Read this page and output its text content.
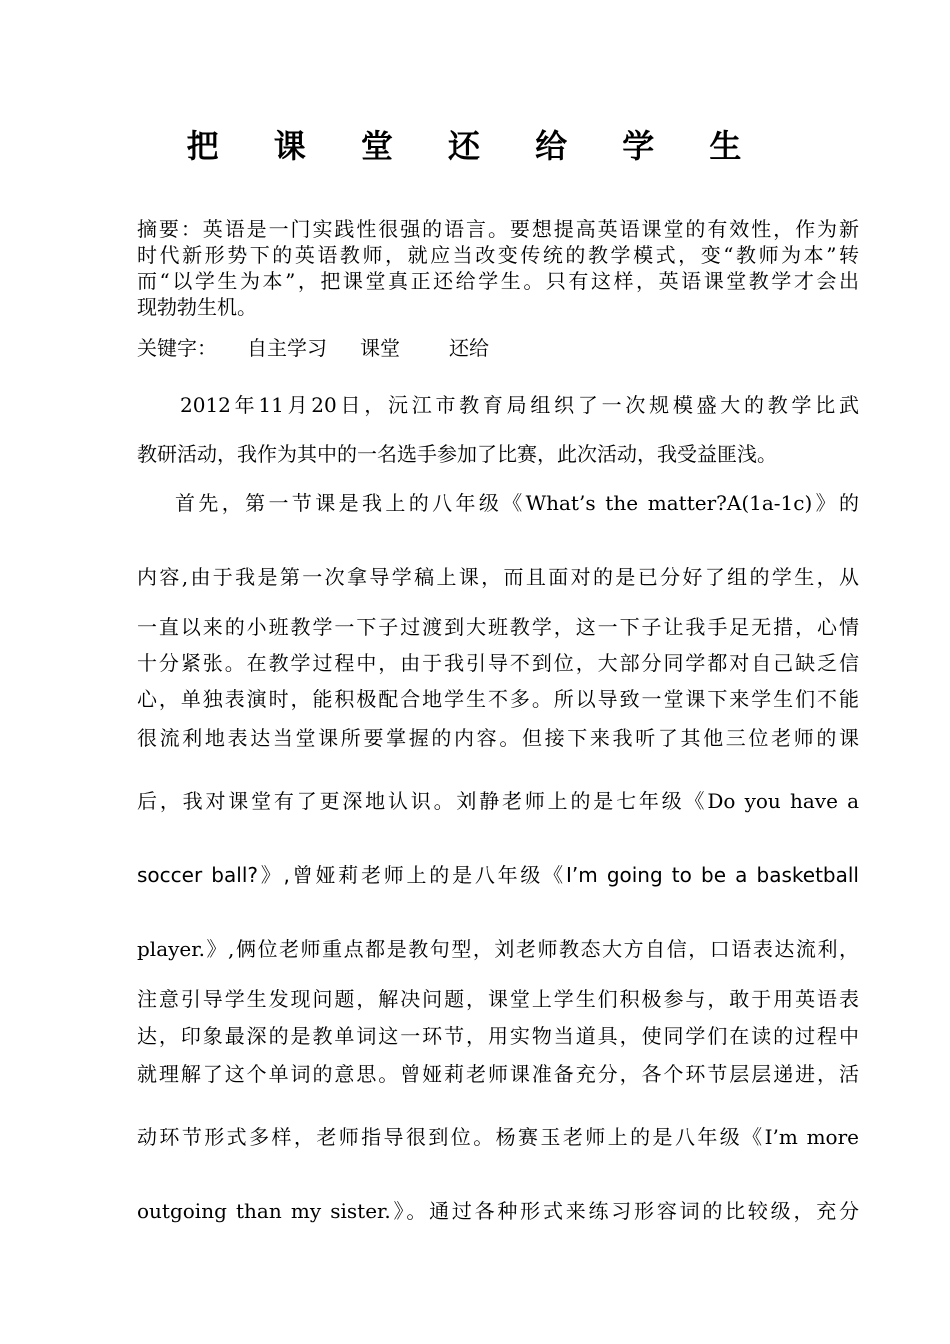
把 课 堂 还 给 学 生
摘要：英语是一门实践性很强的语言。要想提高英语课堂的有效性，作为新
时代新形势下的英语教师，就应当改变传统的教学模式，变“教师为本”转
而“以学生为本”，把课堂真正还给学生。只有这样，英语课堂教学才会出
现勃勃生机。
关键字： 自主学习 课堂 还给
2012年11月20日，沅江市教育局组织了一次规模盛大的教学比武
教研活动，我作为其中的一名选手参加了比赛，此次活动，我受益匪浅。
首先，第一节课是我上的八年级《What’s the matter?A(1a-1c)》的
内容,由于我是第一次拿导学稿上课，而且面对的是已分好了组的学生，从
一直以来的小班教学一下子过渡到大班教学，这一下子让我手足无措，心情
十分紧张。在教学过程中，由于我引导不到位，大部分同学都对自己缺乏信
心，单独表演时，能积极配合地学生不多。所以导致一堂课下来学生们不能
很流利地表达当堂课所要掌握的内容。但接下来我听了其他三位老师的课
后，我对课堂有了更深地认识。刘静老师上的是七年级《Do you have a
soccer ball?》,曾娅莉老师上的是八年级《I’m going to be a basketball
player.》,俩位老师重点都是教句型，刘老师教态大方自信，口语表达流利，
注意引导学生发现问题，解决问题，课堂上学生们积极参与，敢于用英语表
达，印象最深的是教单词这一环节，用实物当道具，使同学们在读的过程中
就理解了这个单词的意思。曾娅莉老师课准备充分，各个环节层层递进，活
动环节形式多样，老师指导很到位。杨赛玉老师上的是八年级《I’m more
outgoing than my sister.》。通过各种形式来练习形容词的比较级，充分
